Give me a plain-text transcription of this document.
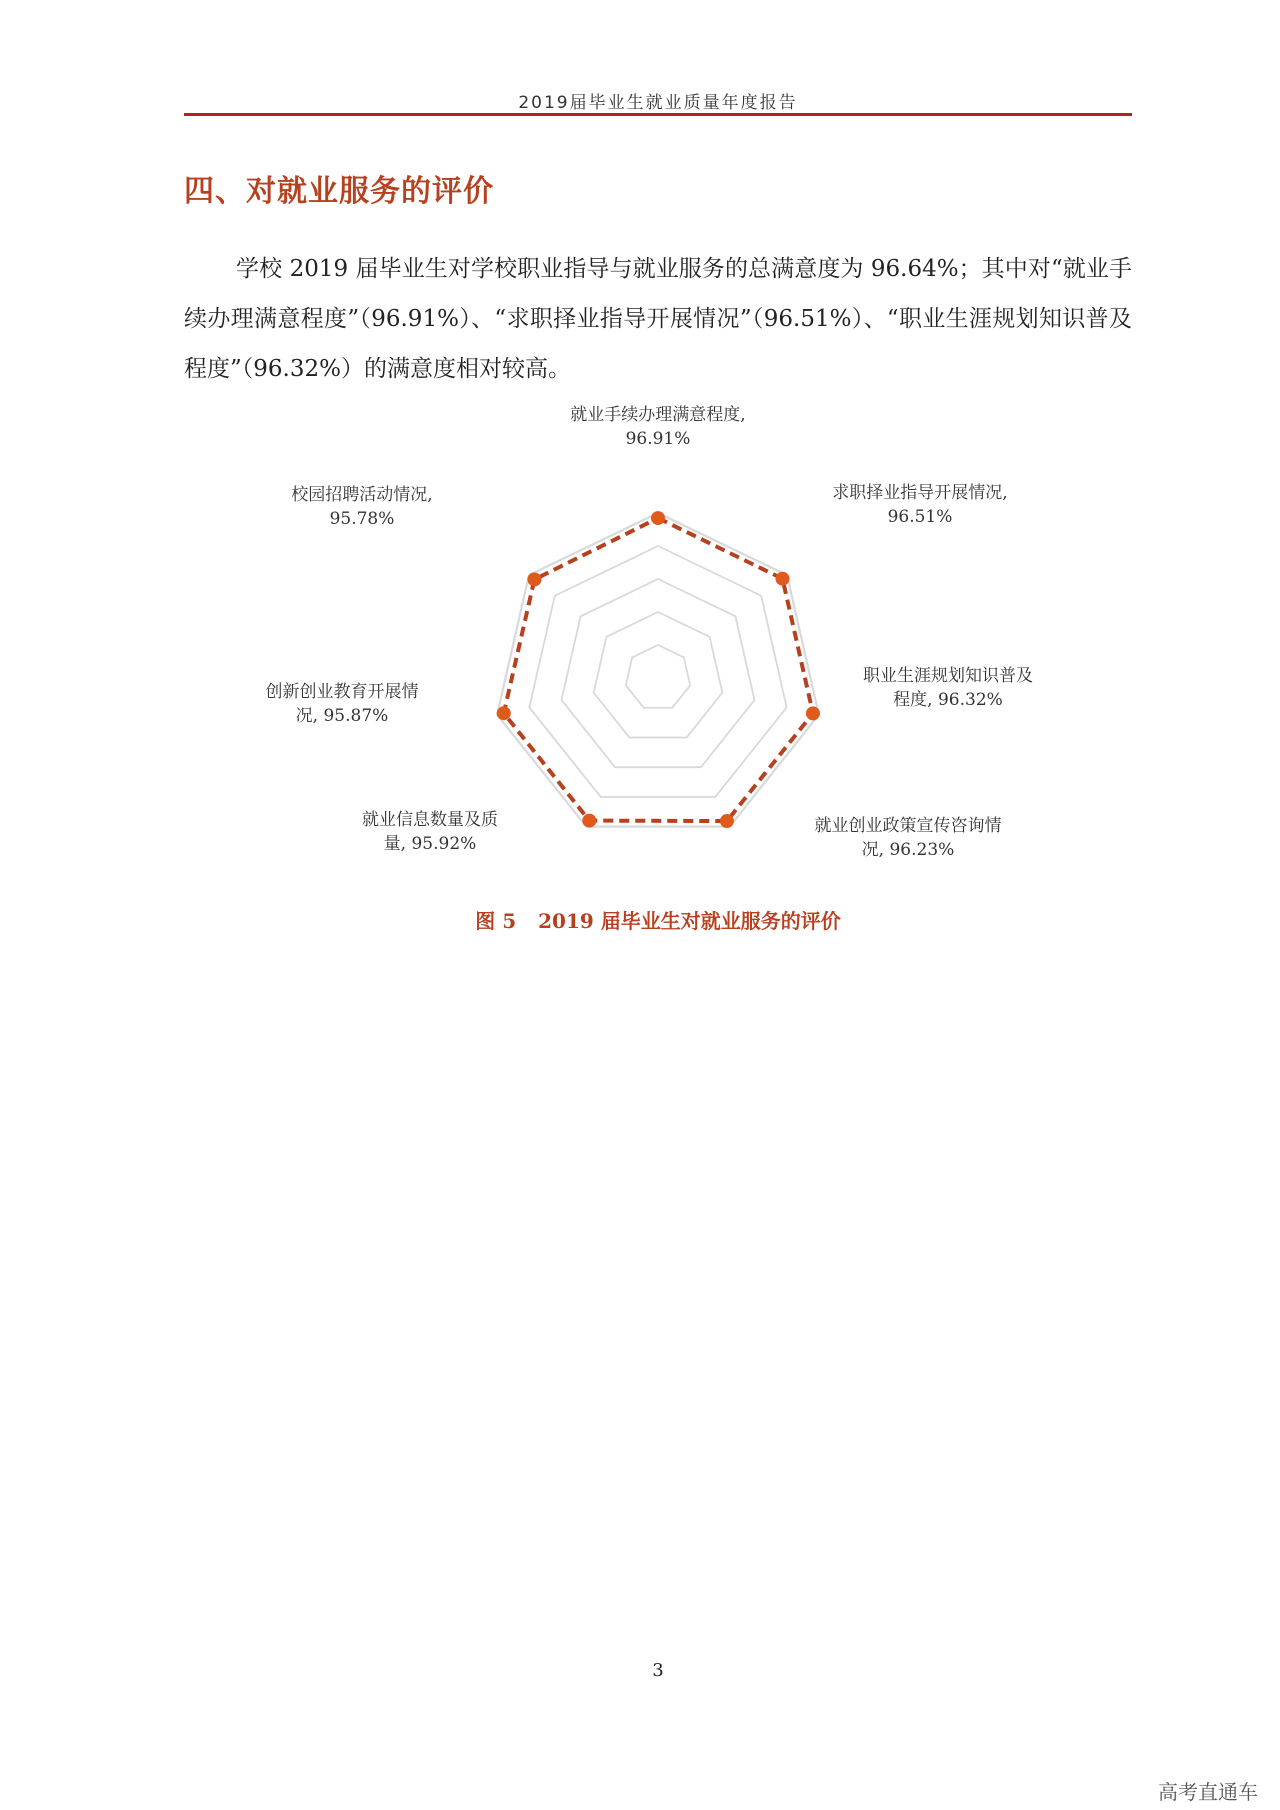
2019届毕业生就业质量年度报告
四、对就业服务的评价
学校 2019 届毕业生对学校职业指导与就业服务的总满意度为 96.64%；其中对“就业手续办理满意程度”（96.91%）、“求职择业指导开展情况”（96.51%）、“职业生涯规划知识普及程度”（96.32%）的满意度相对较高。
就业手续办理满意程度, 96.91%
求职择业指导开展情况, 96.51%
职业生涯规划知识普及程度, 96.32%
就业创业政策宣传咨询情况, 96.23%
就业信息数量及质量, 95.92%
创新创业教育开展情况, 95.87%
校园招聘活动情况, 95.78%
图 5 2019 届毕业生对就业服务的评价
3
高考直通车
